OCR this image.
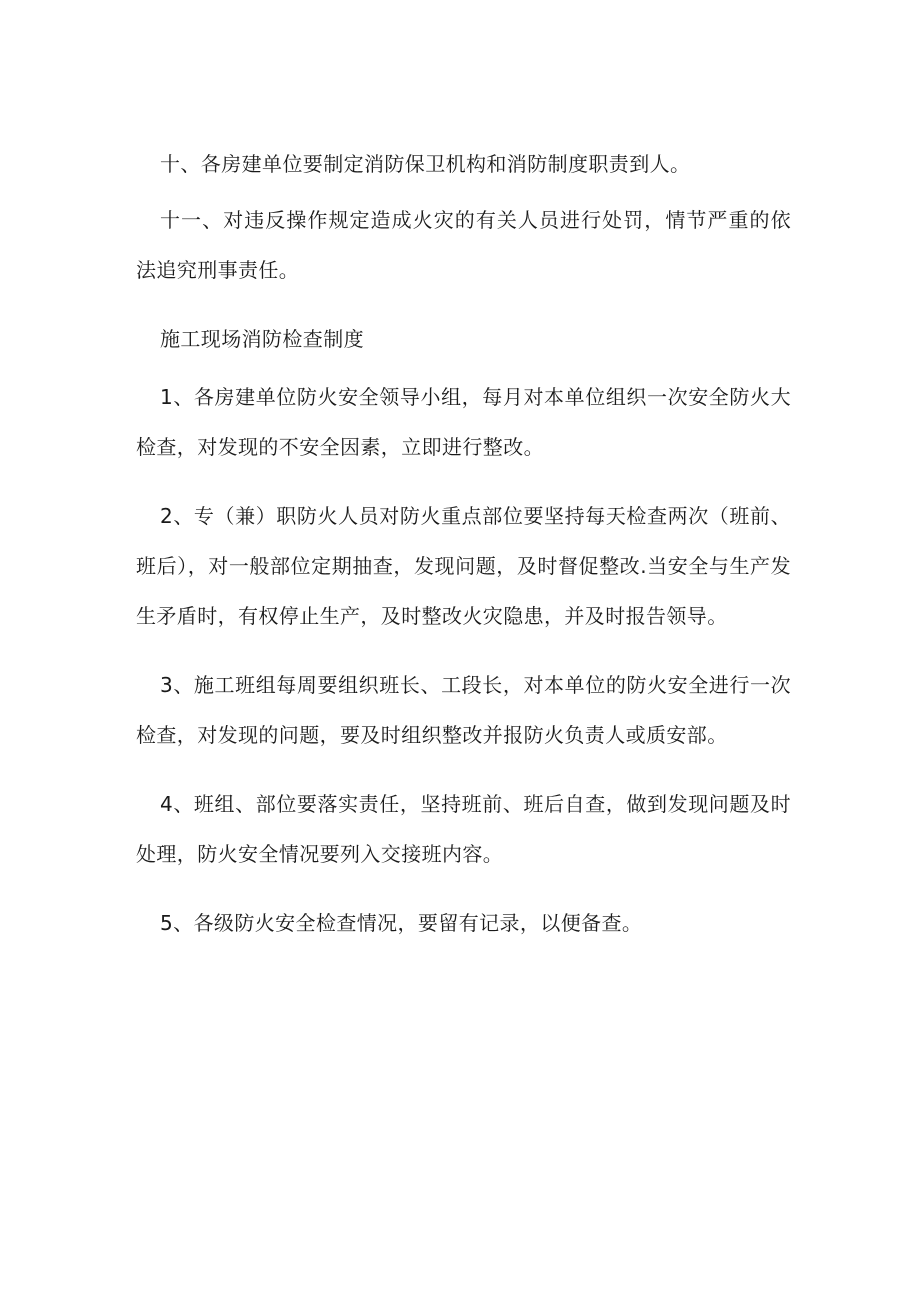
十、各房建单位要制定消防保卫机构和消防制度职责到人。

十一、对违反操作规定造成火灾的有关人员进行处罚，情节严重的依法追究刑事责任。

施工现场消防检查制度

1、各房建单位防火安全领导小组，每月对本单位组织一次安全防火大检查，对发现的不安全因素，立即进行整改。

2、专（兼）职防火人员对防火重点部位要坚持每天检查两次（班前、班后），对一般部位定期抽查，发现问题，及时督促整改.当安全与生产发生矛盾时，有权停止生产，及时整改火灾隐患，并及时报告领导。

3、施工班组每周要组织班长、工段长，对本单位的防火安全进行一次检查，对发现的问题，要及时组织整改并报防火负责人或质安部。

4、班组、部位要落实责任，坚持班前、班后自查，做到发现问题及时处理，防火安全情况要列入交接班内容。

5、各级防火安全检查情况，要留有记录，以便备查。
